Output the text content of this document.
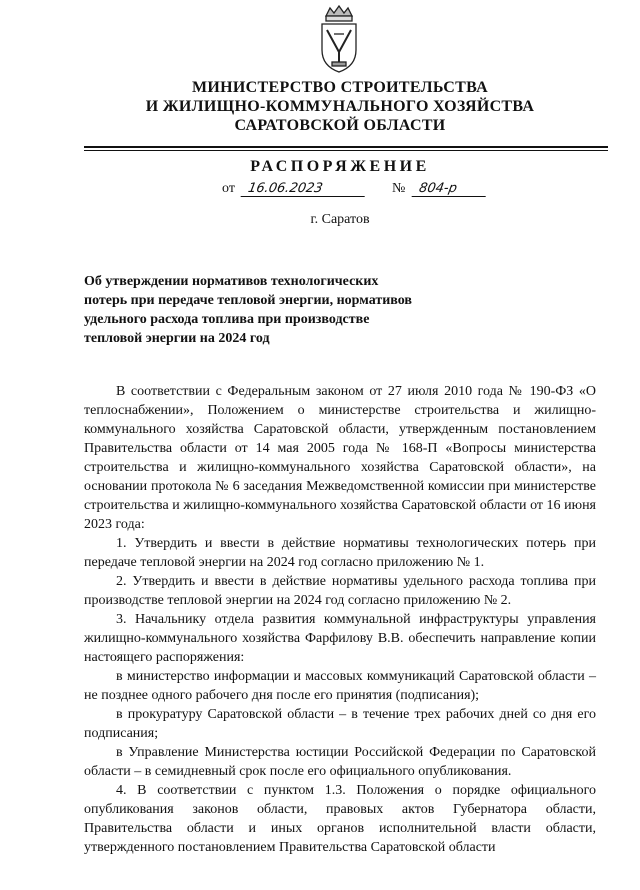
МИНИСТЕРСТВО СТРОИТЕЛЬСТВА
И ЖИЛИЩНО-КОММУНАЛЬНОГО ХОЗЯЙСТВА
САРАТОВСКОЙ ОБЛАСТИ
РАСПОРЯЖЕНИЕ
от 16.06.2023	№ 804-р
г. Саратов
Об утверждении нормативов технологических потерь при передаче тепловой энергии, нормативов удельного расхода топлива при производстве тепловой энергии на 2024 год

В соответствии с Федеральным законом от 27 июля 2010 года № 190-ФЗ «О теплоснабжении», Положением о министерстве строительства и жилищно-коммунального хозяйства Саратовской области, утвержденным постановлением Правительства области от 14 мая 2005 года № 168-П «Вопросы министерства строительства и жилищно-коммунального хозяйства Саратовской области», на основании протокола № 6 заседания Межведомственной комиссии при министерстве строительства и жилищно-коммунального хозяйства Саратовской области от 16 июня 2023 года:

1. Утвердить и ввести в действие нормативы технологических потерь при передаче тепловой энергии на 2024 год согласно приложению № 1.

2. Утвердить и ввести в действие нормативы удельного расхода топлива при производстве тепловой энергии на 2024 год согласно приложению № 2.

3. Начальнику отдела развития коммунальной инфраструктуры управления жилищно-коммунального хозяйства Фарфилову В.В. обеспечить направление копии настоящего распоряжения:

в министерство информации и массовых коммуникаций Саратовской области – не позднее одного рабочего дня после его принятия (подписания);

в прокуратуру Саратовской области – в течение трех рабочих дней со дня его подписания;

в Управление Министерства юстиции Российской Федерации по Саратовской области – в семидневный срок после его официального опубликования.

4. В соответствии с пунктом 1.3. Положения о порядке официального опубликования законов области, правовых актов Губернатора области, Правительства области и иных органов исполнительной власти области, утвержденного постановлением Правительства Саратовской области
